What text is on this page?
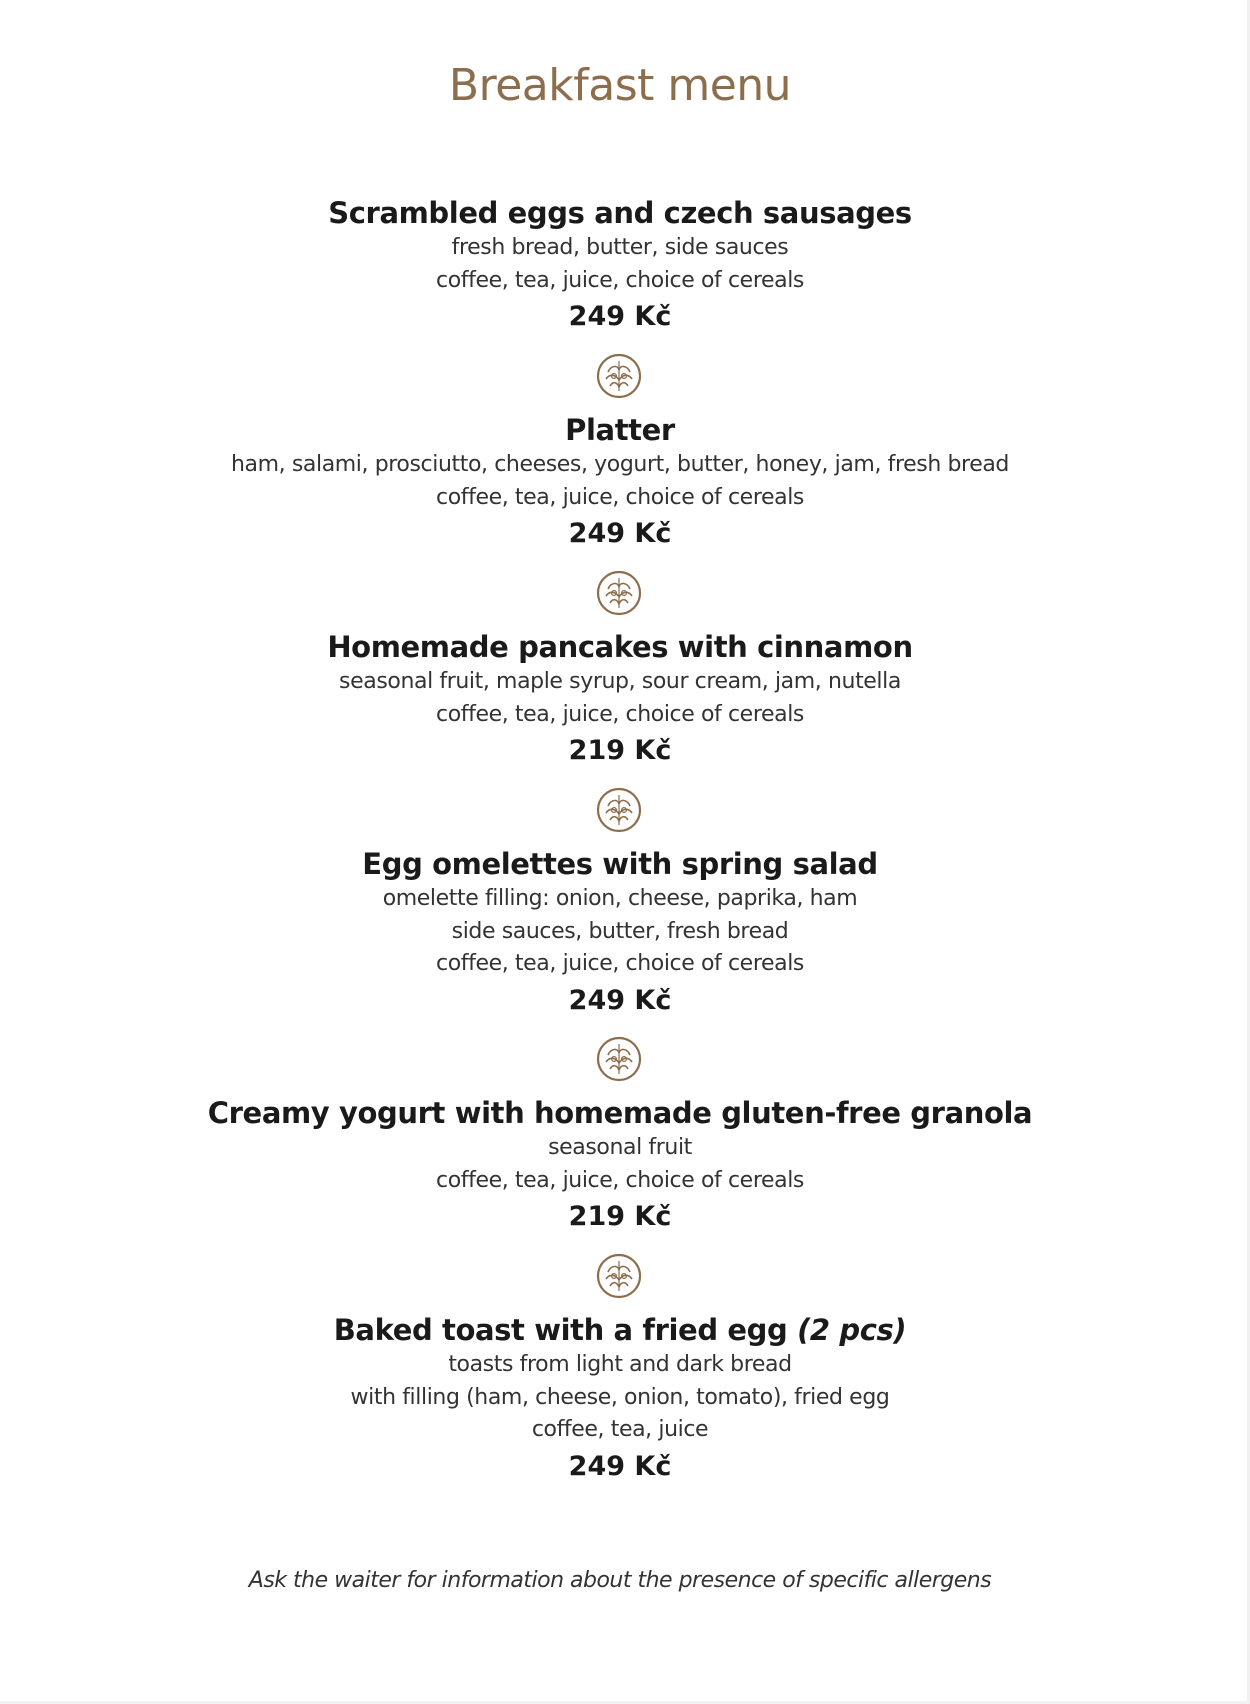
Breakfast menu
Scrambled eggs and czech sausages
fresh bread, butter, side sauces
coffee, tea, juice, choice of cereals
249 Kč
Platter
ham, salami, prosciutto, cheeses, yogurt, butter, honey, jam, fresh bread
coffee, tea, juice, choice of cereals
249 Kč
Homemade pancakes with cinnamon
seasonal fruit, maple syrup, sour cream, jam, nutella
coffee, tea, juice, choice of cereals
219 Kč
Egg omelettes with spring salad
omelette filling: onion, cheese, paprika, ham
side sauces, butter, fresh bread
coffee, tea, juice, choice of cereals
249 Kč
Creamy yogurt with homemade gluten-free granola
seasonal fruit
coffee, tea, juice, choice of cereals
219 Kč
Baked toast with a fried egg (2 pcs)
toasts from light and dark bread
with filling (ham, cheese, onion, tomato), fried egg
coffee, tea, juice
249 Kč
Ask the waiter for information about the presence of specific allergens
